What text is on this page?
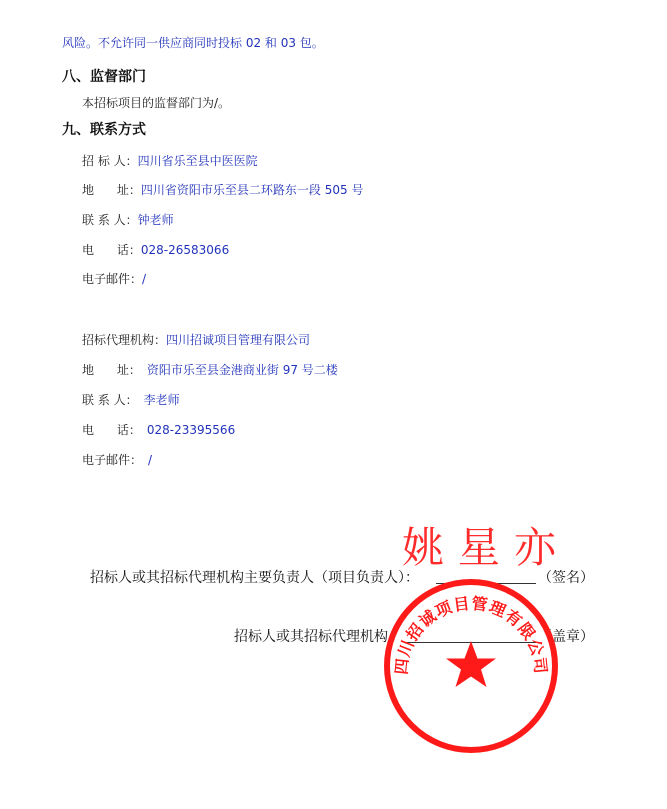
风险。不允许同一供应商同时投标 02 和 03 包。
八、监督部门
本招标项目的监督部门为/。
九、联系方式
招 标 人：四川省乐至县中医医院
地      址：四川省资阳市乐至县二环路东一段 505 号
联 系 人：钟老师
电      话：028-26583066
电子邮件：/
招标代理机构：四川招诚项目管理有限公司
地      址： 资阳市乐至县金港商业街 97 号二楼
联 系 人： 李老师
电      话： 028-23395566
电子邮件： /
招标人或其招标代理机构主要负责人（项目负责人）：	（签名）
招标人或其招标代理机构：	（盖章）
姚星亦
四川招诚项目管理有限公司
